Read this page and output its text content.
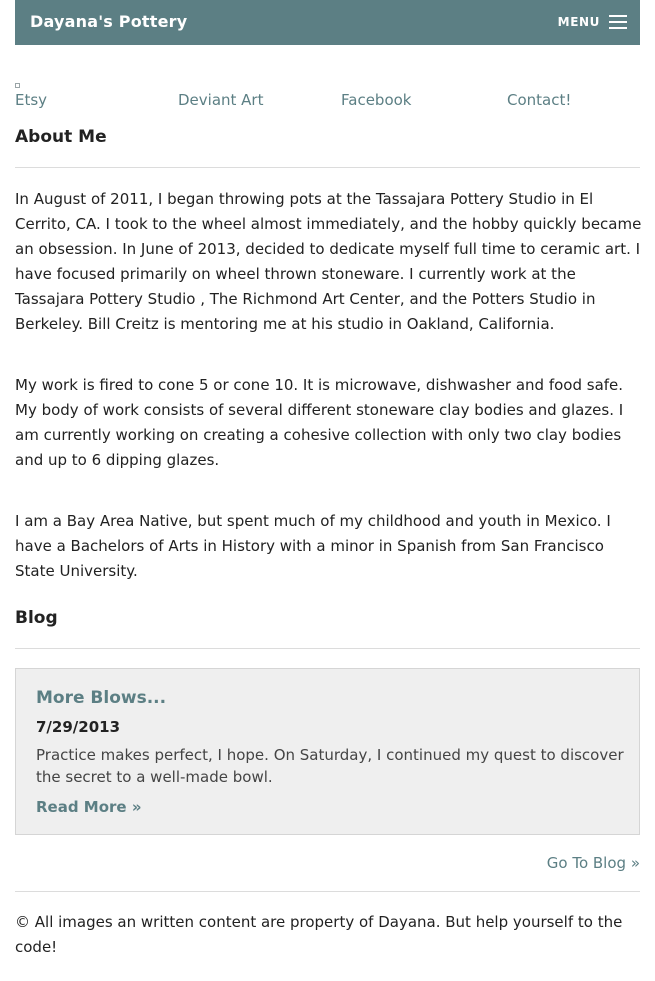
Dayana's Pottery	MENU
Etsy	Deviant Art	Facebook	Contact!
About Me

In August of 2011, I began throwing pots at the Tassajara Pottery Studio in El Cerrito, CA. I took to the wheel almost immediately, and the hobby quickly became an obsession. In June of 2013, decided to dedicate myself full time to ceramic art. I have focused primarily on wheel thrown stoneware. I currently work at the Tassajara Pottery Studio , The Richmond Art Center, and the Potters Studio in Berkeley. Bill Creitz is mentoring me at his studio in Oakland, California.

My work is fired to cone 5 or cone 10. It is microwave, dishwasher and food safe. My body of work consists of several different stoneware clay bodies and glazes. I am currently working on creating a cohesive collection with only two clay bodies and up to 6 dipping glazes.

I am a Bay Area Native, but spent much of my childhood and youth in Mexico. I have a Bachelors of Arts in History with a minor in Spanish from San Francisco State University.

Blog
More Blows...
7/29/2013

Practice makes perfect, I hope. On Saturday, I continued my quest to discover the secret to a well-made bowl.

Read More »
Go To Blog »

© All images an written content are property of Dayana. But help yourself to the code!
